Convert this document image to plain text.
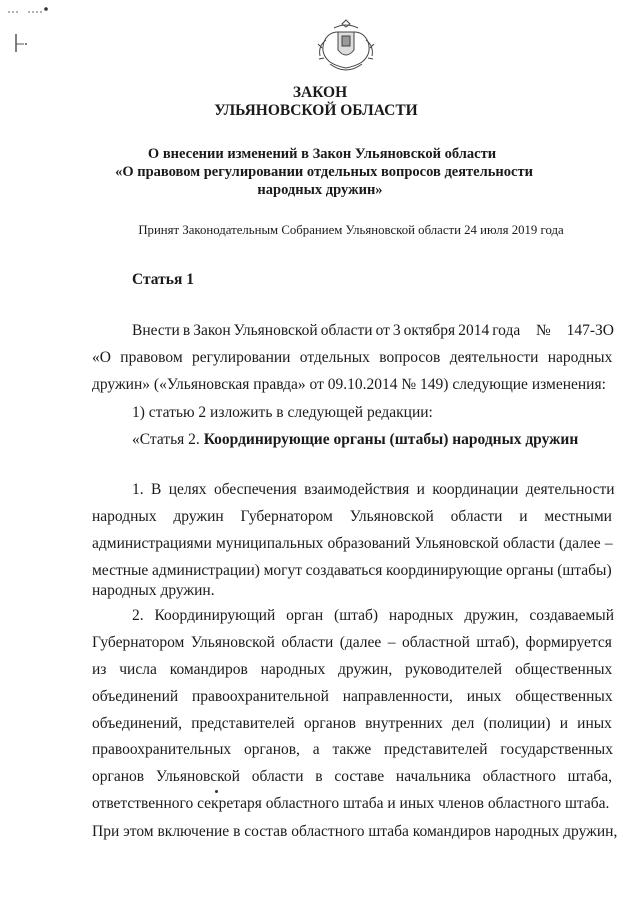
ЗАКОН
УЛЬЯНОВСКОЙ ОБЛАСТИ
О внесении изменений в Закон Ульяновской области
«О правовом регулировании отдельных вопросов деятельности
народных дружин»
Принят Законодательным Собранием Ульяновской области 24 июля 2019 года
Статья 1
Внести в Закон Ульяновской области от 3 октября 2014 года № 147-ЗО
«О правовом регулировании отдельных вопросов деятельности народных
дружин» («Ульяновская правда» от 09.10.2014 № 149) следующие изменения:
1) статью 2 изложить в следующей редакции:
«Статья 2. Координирующие органы (штабы) народных дружин
1. В целях обеспечения взаимодействия и координации деятельности
народных дружин Губернатором Ульяновской области и местными
администрациями муниципальных образований Ульяновской области (далее –
местные администрации) могут создаваться координирующие органы (штабы)
народных дружин.
2. Координирующий орган (штаб) народных дружин, создаваемый
Губернатором Ульяновской области (далее – областной штаб), формируется
из числа командиров народных дружин, руководителей общественных
объединений правоохранительной направленности, иных общественных
объединений, представителей органов внутренних дел (полиции) и иных
правоохранительных органов, а также представителей государственных
органов Ульяновской области в составе начальника областного штаба,
ответственного секретаря областного штаба и иных членов областного штаба.
При этом включение в состав областного штаба командиров народных дружин,
